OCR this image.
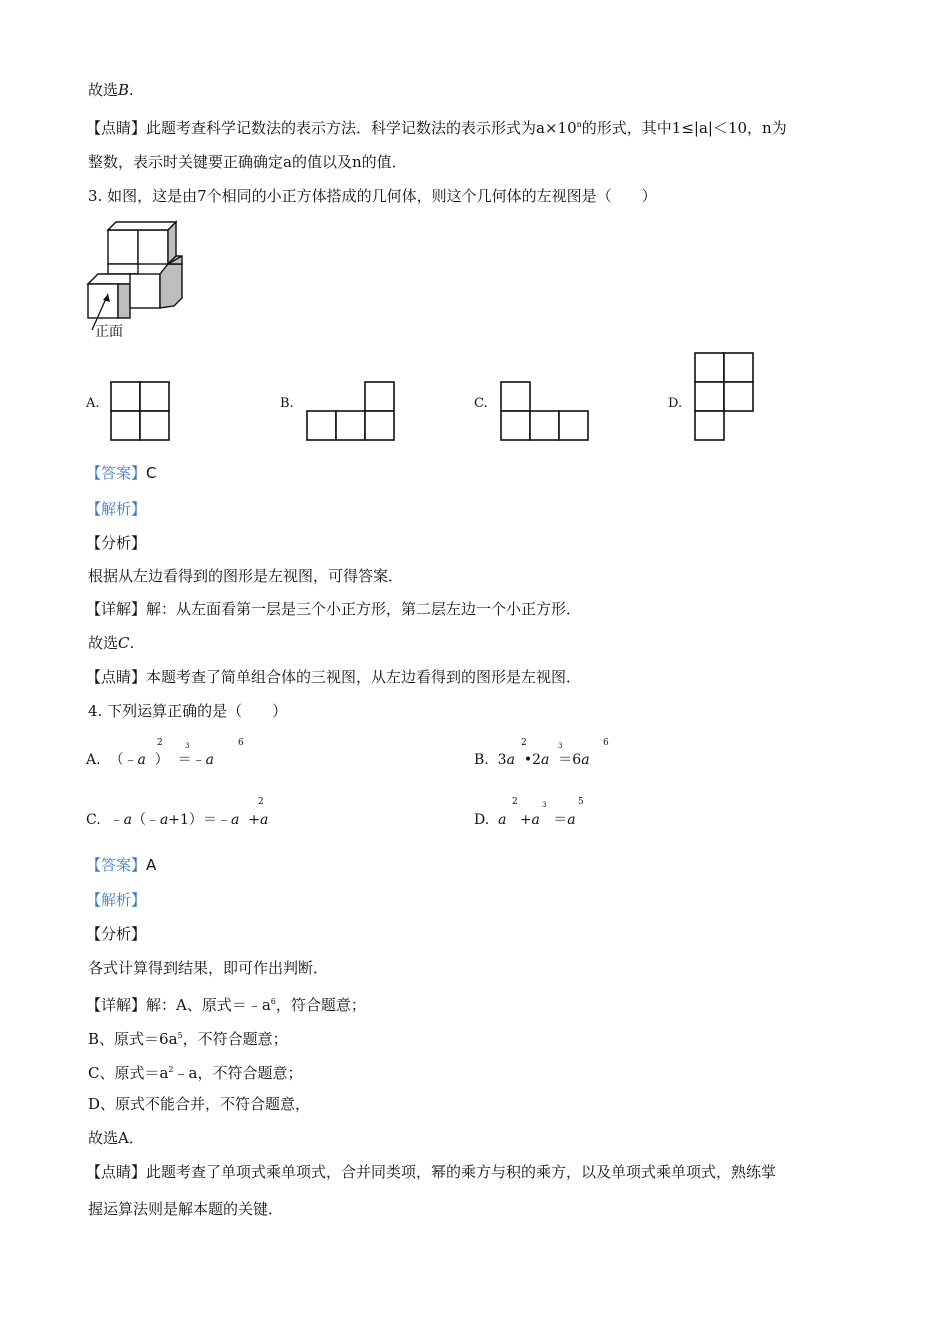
故选B.
【点睛】此题考查科学记数法的表示方法．科学记数法的表示形式为$a\times 10^n$的形式，其中1≤|a|＜10，n为
整数，表示时关键要正确确定a的值以及n的值．
3. 如图，这是由7个相同的小正方体搭成的几何体，则这个几何体的左视图是（　　）
正面
A.	B.	C.	D.
【答案】C
【解析】
【分析】
根据从左边看得到的图形是左视图，可得答案．
【详解】解：从左面看第一层是三个小正方形，第二层左边一个小正方形．
故选C.
【点睛】本题考查了简单组合体的三视图，从左边看得到的图形是左视图．
4. 下列运算正确的是（　　）
A. （﹣a ） ＝﹣a
2	3	6
B. 3a •2a ＝6a
2	3	6
C. ﹣a（﹣a+1）＝﹣a +a
2
D. a +a ＝a
2	3	5
【答案】A
【解析】
【分析】
各式计算得到结果，即可作出判断．
【详解】解：A、原式$=﹣a^6$，符合题意；
B、原式$=6a^5$，不符合题意；
C、原式$=a^2﹣a$，不符合题意；
D、原式不能合并，不符合题意，
故选A．
【点睛】此题考查了单项式乘单项式，合并同类项，幂的乘方与积的乘方，以及单项式乘单项式，熟练掌
握运算法则是解本题的关键．
